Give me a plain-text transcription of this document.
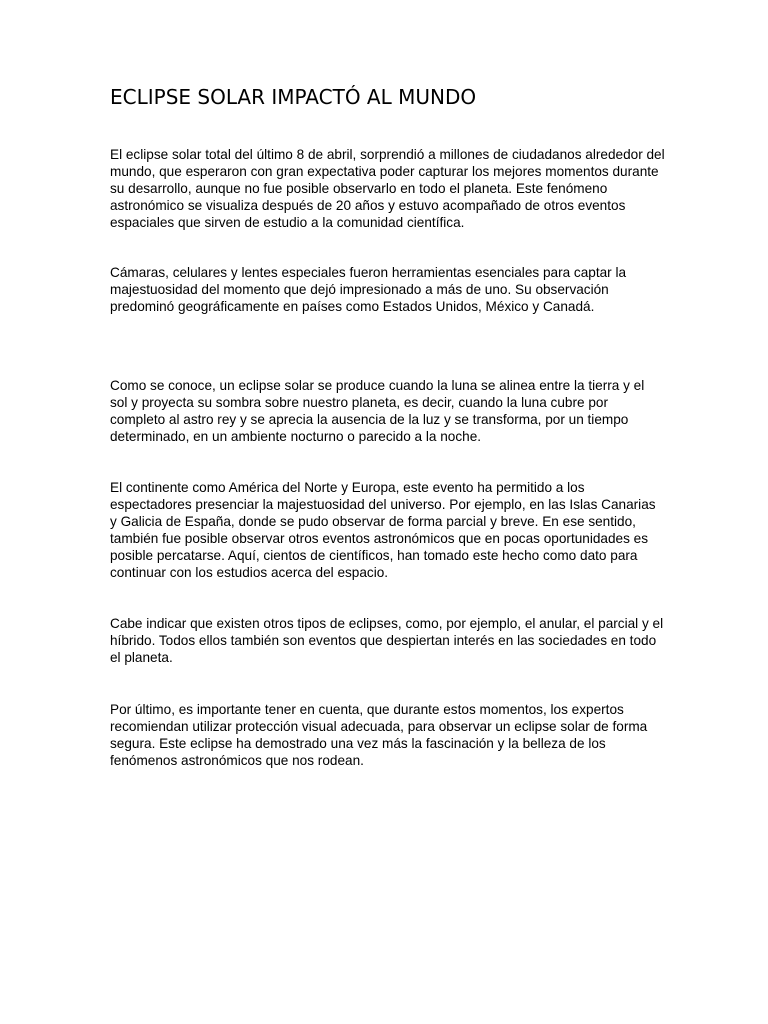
ECLIPSE SOLAR IMPACTÓ AL MUNDO

El eclipse solar total del último 8 de abril, sorprendió a millones de ciudadanos alrededor del mundo, que esperaron con gran expectativa poder capturar los mejores momentos durante su desarrollo, aunque no fue posible observarlo en todo el planeta. Este fenómeno astronómico se visualiza después de 20 años y estuvo acompañado de otros eventos espaciales que sirven de estudio a la comunidad científica.

Cámaras, celulares y lentes especiales fueron herramientas esenciales para captar la majestuosidad del momento que dejó impresionado a más de uno. Su observación predominó geográficamente en países como Estados Unidos, México y Canadá.

Como se conoce, un eclipse solar se produce cuando la luna se alinea entre la tierra y el sol y proyecta su sombra sobre nuestro planeta, es decir, cuando la luna cubre por completo al astro rey y se aprecia la ausencia de la luz y se transforma, por un tiempo determinado, en un ambiente nocturno o parecido a la noche.

El continente como América del Norte y Europa, este evento ha permitido a los espectadores presenciar la majestuosidad del universo. Por ejemplo, en las Islas Canarias y Galicia de España, donde se pudo observar de forma parcial y breve. En ese sentido, también fue posible observar otros eventos astronómicos que en pocas oportunidades es posible percatarse. Aquí, cientos de científicos, han tomado este hecho como dato para continuar con los estudios acerca del espacio.

Cabe indicar que existen otros tipos de eclipses, como, por ejemplo, el anular, el parcial y el híbrido. Todos ellos también son eventos que despiertan interés en las sociedades en todo el planeta.

Por último, es importante tener en cuenta, que durante estos momentos, los expertos recomiendan utilizar protección visual adecuada, para observar un eclipse solar de forma segura. Este eclipse ha demostrado una vez más la fascinación y la belleza de los fenómenos astronómicos que nos rodean.
